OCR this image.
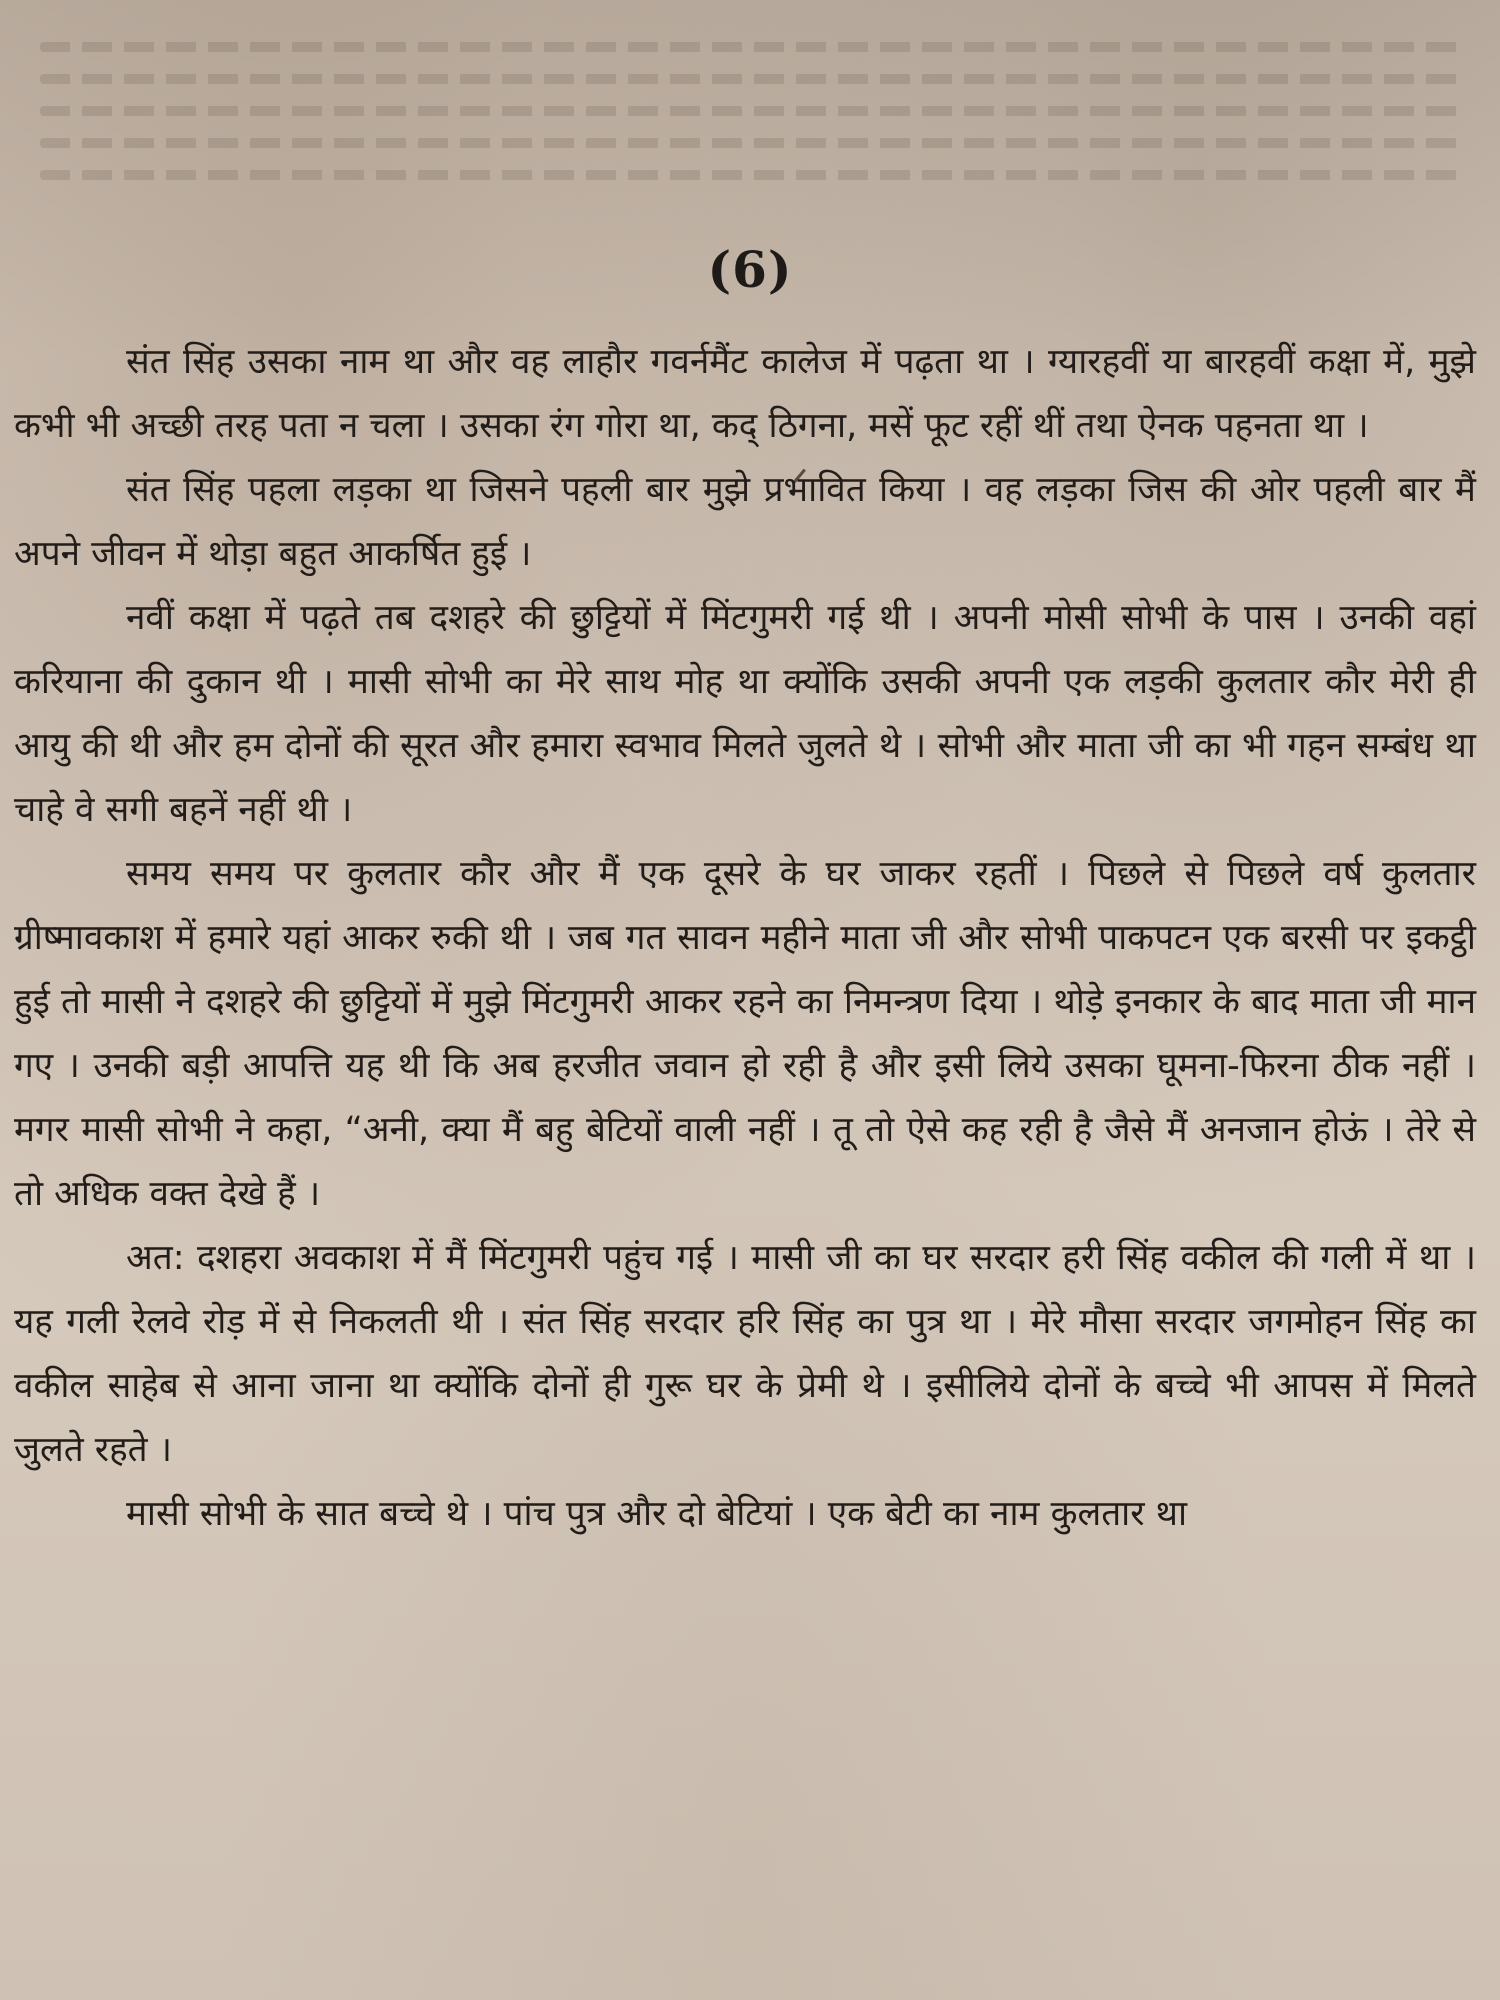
(6)

संत सिंह उसका नाम था और वह लाहौर गवर्नमैंट कालेज में पढ़ता था । ग्यारहवीं या बारहवीं कक्षा में, मुझे कभी भी अच्छी तरह पता न चला । उसका रंग गोरा था, कद् ठिगना, मसें फूट रहीं थीं तथा ऐनक पहनता था ।

संत सिंह पहला लड़का था जिसने पहली बार मुझे प्रभावित किया । वह लड़का जिस की ओर पहली बार मैं अपने जीवन में थोड़ा बहुत आकर्षित हुई ।

नवीं कक्षा में पढ़ते तब दशहरे की छुट्टियों में मिंटगुमरी गई थी । अपनी मोसी सोभी के पास । उनकी वहां करियाना की दुकान थी । मासी सोभी का मेरे साथ मोह था क्योंकि उसकी अपनी एक लड़की कुलतार कौर मेरी ही आयु की थी और हम दोनों की सूरत और हमारा स्वभाव मिलते जुलते थे । सोभी और माता जी का भी गहन सम्बंध था चाहे वे सगी बहनें नहीं थी ।

समय समय पर कुलतार कौर और मैं एक दूसरे के घर जाकर रहतीं । पिछले से पिछले वर्ष कुलतार ग्रीष्मावकाश में हमारे यहां आकर रुकी थी । जब गत सावन महीने माता जी और सोभी पाकपटन एक बरसी पर इकट्ठी हुई तो मासी ने दशहरे की छुट्टियों में मुझे मिंटगुमरी आकर रहने का निमन्त्रण दिया । थोड़े इनकार के बाद माता जी मान गए । उनकी बड़ी आपत्ति यह थी कि अब हरजीत जवान हो रही है और इसी लिये उसका घूमना-फिरना ठीक नहीं । मगर मासी सोभी ने कहा, “अनी, क्या मैं बहु बेटियों वाली नहीं । तू तो ऐसे कह रही है जैसे मैं अनजान होऊं । तेरे से तो अधिक वक्त देखे हैं ।

अत: दशहरा अवकाश में मैं मिंटगुमरी पहुंच गई । मासी जी का घर सरदार हरी सिंह वकील की गली में था । यह गली रेलवे रोड़ में से निकलती थी । संत सिंह सरदार हरि सिंह का पुत्र था । मेरे मौसा सरदार जगमोहन सिंह का वकील साहेब से आना जाना था क्योंकि दोनों ही गुरू घर के प्रेमी थे । इसीलिये दोनों के बच्चे भी आपस में मिलते जुलते रहते ।

मासी सोभी के सात बच्चे थे । पांच पुत्र और दो बेटियां । एक बेटी का नाम कुलतार था
